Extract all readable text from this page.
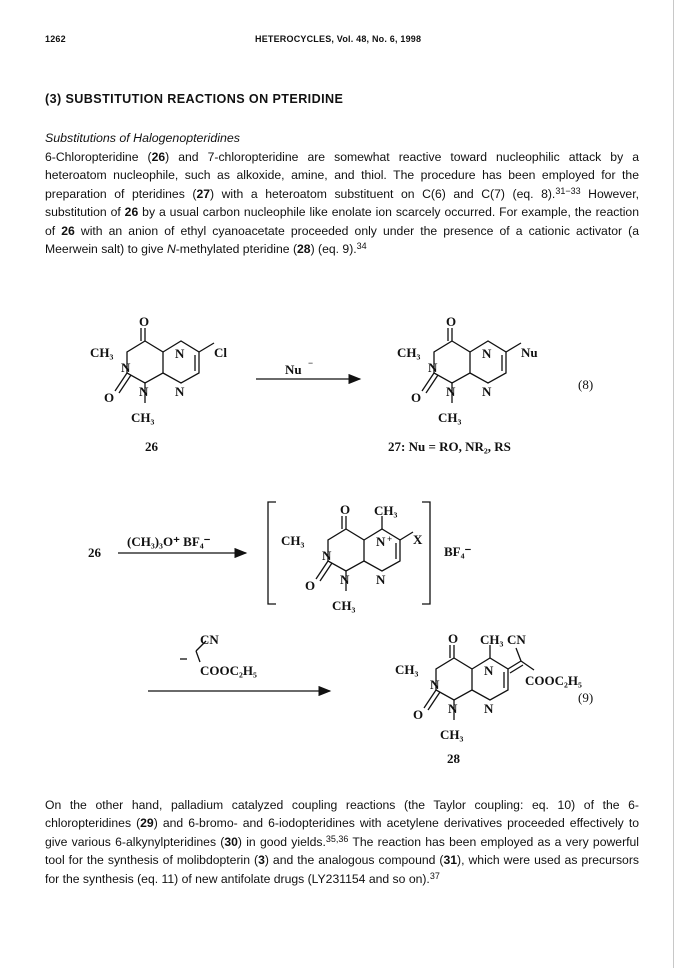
1262	HETEROCYCLES, Vol. 48, No. 6, 1998
(3) SUBSTITUTION REACTIONS ON PTERIDINE
Substitutions of Halogenopteridines

6-Chloropteridine (26) and 7-chloropteridine are somewhat reactive toward nucleophilic attack by a heteroatom nucleophile, such as alkoxide, amine, and thiol. The procedure has been employed for the preparation of pteridines (27) with a heteroatom substituent on C(6) and C(7) (eq. 8).$^{31-33}$ However, substitution of 26 by a usual carbon nucleophile like enolate ion scarcely occurred. For example, the reaction of 26 with an anion of ethyl cyanoacetate proceeded only under the presence of a cationic activator (a Meerwein salt) to give N-methylated pteridine (28) (eq. 9).$^{34}$

O
CH₃
N
N Cl
O N N
CH₃
26
Nu −
O
CH₃
N
N Nu
O N N
CH₃
27: Nu = RO, NR₂, RS
(8)
26
(CH₃)₃O⁺ BF₄⁻
O CH₃
CH₃
N
N + X
O N N
CH₃
BF₄⁻
CN
COOC₂H₅
O CH₃ CN
CH₃
N
N
COOC₂H₅
O N N
CH₃
28
(9)

On the other hand, palladium catalyzed coupling reactions (the Taylor coupling: eq. 10) of the 6-chloropteridines (29) and 6-bromo- and 6-iodopteridines with acetylene derivatives proceeded effectively to give various 6-alkynylpteridines (30) in good yields.$^{35,36}$ The reaction has been employed as a very powerful tool for the synthesis of molibdopterin (3) and the analogous compound (31), which were used as precursors for the synthesis (eq. 11) of new antifolate drugs (LY231154 and so on).$^{37}$
